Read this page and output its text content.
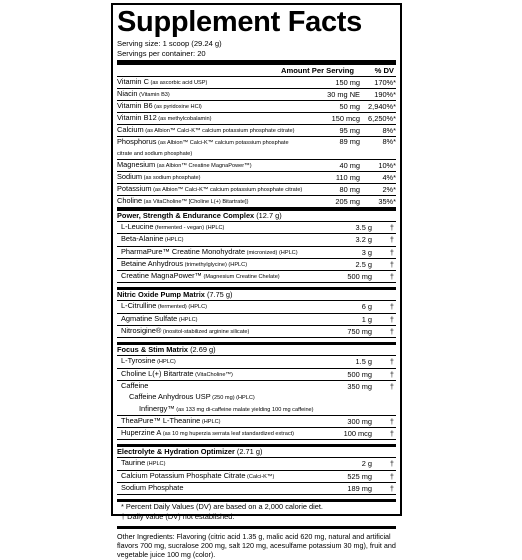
Supplement Facts
Serving size: 1 scoop (29.24 g)
Servings per container: 20
Amount Per Serving	% DV
Vitamin C (as ascorbic acid USP)	150 mg	170%*
Niacin (Vitamin B3)	30 mg NE	190%*
Vitamin B6 (as pyridoxine HCl)	50 mg	2,940%*
Vitamin B12 (as methylcobalamin)	150 mcg	6,250%*
Calcium (as Albion™ Calci-K™ calcium potassium phosphate citrate)	95 mg	8%*
Phosphorus (as Albion™ Calci-K™ calcium potassium phosphate citrate and sodium phosphate)
89 mg	8%*
Magnesium (as Albion™ Creatine MagnaPower™)	40 mg	10%*
Sodium (as sodium phosphate)	110 mg	4%*
Potassium (as Albion™ Calci-K™ calcium potassium phosphate citrate)	80 mg	2%*
Choline (as VitaCholine™ [Choline L(+) Bitartrate])	205 mg	35%*
Power, Strength & Endurance Complex (12.7 g)
L-Leucine (fermented - vegan) (HPLC)	3.5 g	†
Beta-Alanine (HPLC)	3.2 g	†
PharmaPure™ Creatine Monohydrate (micronized) (HPLC)	3 g	†
Betaine Anhydrous (trimethylglycine) (HPLC)	2.5 g	†
Creatine MagnaPower™ (Magnesium Creatine Chelate)	500 mg	†
Nitric Oxide Pump Matrix (7.75 g)
L-Citrulline (fermented) (HPLC)	6 g	†
Agmatine Sulfate (HPLC)	1 g	†
Nitrosigine® (inositol-stabilized arginine silicate)	750 mg	†
Focus & Stim Matrix (2.69 g)
L-Tyrosine (HPLC)	1.5 g	†
Choline L(+) Bitartrate (VitaCholine™)	500 mg	†
Caffeine	350 mg	†
Caffeine Anhydrous USP (250 mg) (HPLC)
Infinergy™ (as 133 mg di-caffeine malate yielding 100 mg caffeine)
TheaPure™ L-Theanine (HPLC)	300 mg	†
Huperzine A (as 10 mg huperzia serrata leaf standardized extract)	100 mcg	†
Electrolyte & Hydration Optimizer (2.71 g)
Taurine (HPLC)	2 g	†
Calcium Potassium Phosphate Citrate (Calci-K™)	525 mg	†
Sodium Phosphate	189 mg	†
* Percent Daily Values (DV) are based on a 2,000 calorie diet.
† Daily value (DV) not established.
Other Ingredients: Flavoring (citric acid 1.35 g, malic acid 620 mg, natural and artificial flavors 700 mg, sucralose 200 mg, salt 120 mg, acesulfame potassium 30 mg), fruit and vegetable juice 100 mg (color).
